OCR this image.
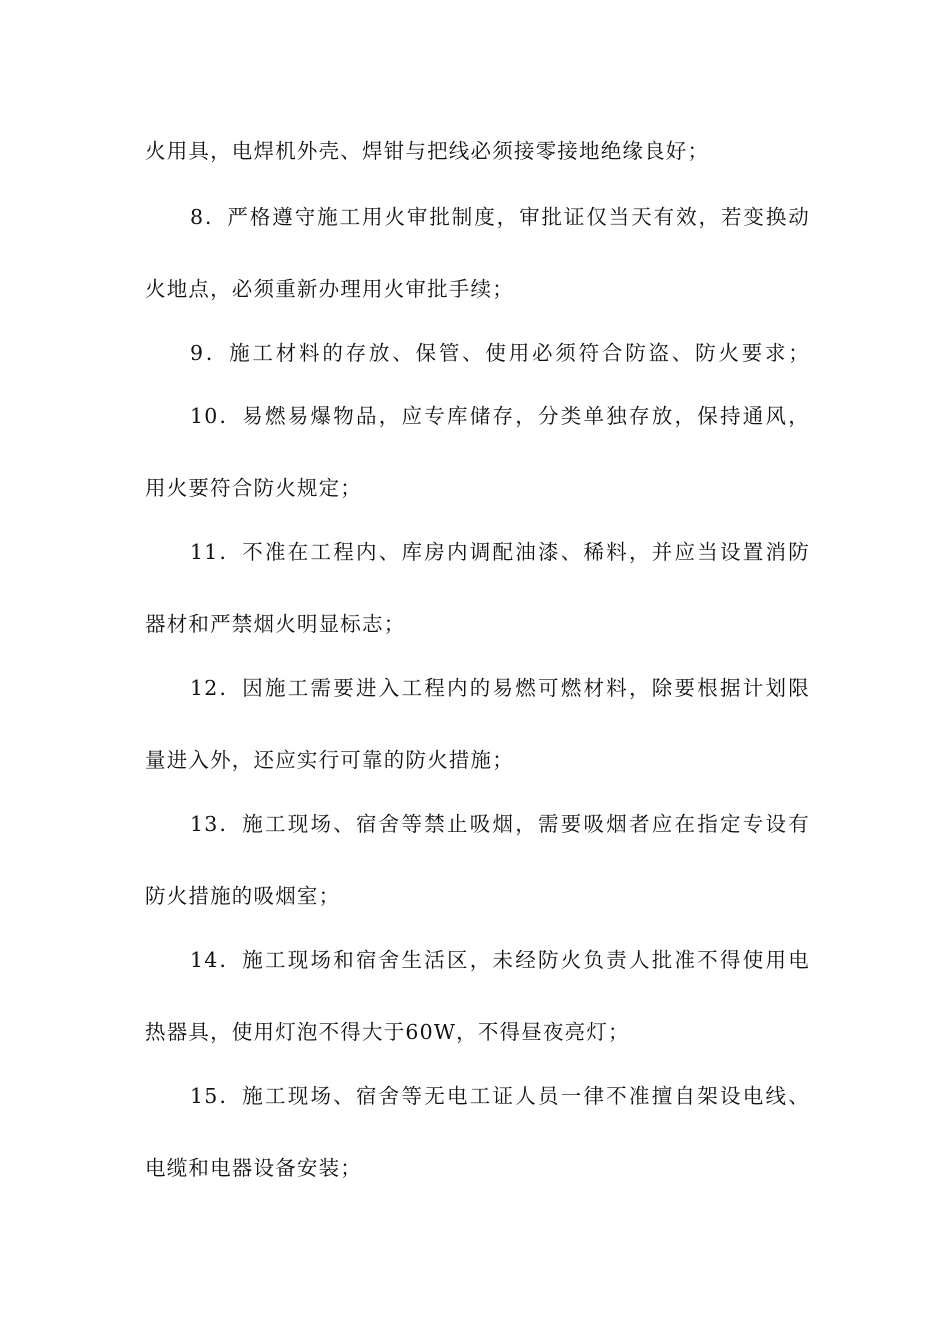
火用具，电焊机外壳、焊钳与把线必须接零接地绝缘良好；
8．严格遵守施工用火审批制度，审批证仅当天有效，若变换动
火地点，必须重新办理用火审批手续；
9．施工材料的存放、保管、使用必须符合防盗、防火要求；
10．易燃易爆物品，应专库储存，分类单独存放，保持通风，
用火要符合防火规定；
11．不准在工程内、库房内调配油漆、稀料，并应当设置消防
器材和严禁烟火明显标志；
12．因施工需要进入工程内的易燃可燃材料，除要根据计划限
量进入外，还应实行可靠的防火措施；
13．施工现场、宿舍等禁止吸烟，需要吸烟者应在指定专设有
防火措施的吸烟室；
14．施工现场和宿舍生活区，未经防火负责人批准不得使用电
热器具，使用灯泡不得大于60W，不得昼夜亮灯；
15．施工现场、宿舍等无电工证人员一律不准擅自架设电线、
电缆和电器设备安装；
